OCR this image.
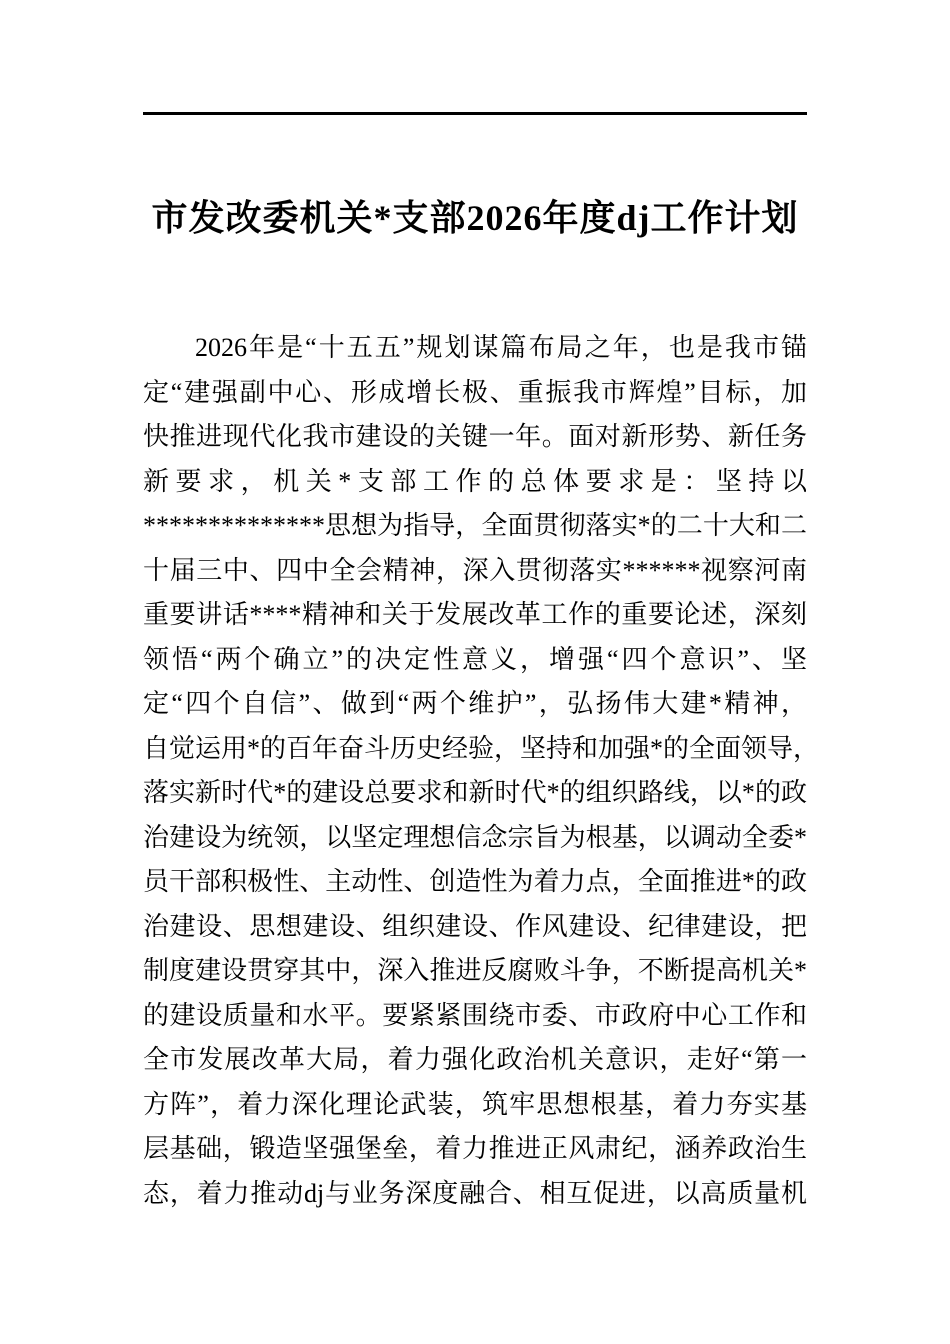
市发改委机关*支部2026年度dj工作计划
2026年是“十五五”规划谋篇布局之年，也是我市锚
定“建强副中心、形成增长极、重振我市辉煌”目标，加
快推进现代化我市建设的关键一年。面对新形势、新任务
新要求，机关*支部工作的总体要求是：坚持以
**************思想为指导，全面贯彻落实*的二十大和二
十届三中、四中全会精神，深入贯彻落实******视察河南
重要讲话****精神和关于发展改革工作的重要论述，深刻
领悟“两个确立”的决定性意义，增强“四个意识”、坚
定“四个自信”、做到“两个维护”，弘扬伟大建*精神，
自觉运用*的百年奋斗历史经验，坚持和加强*的全面领导，
落实新时代*的建设总要求和新时代*的组织路线，以*的政
治建设为统领，以坚定理想信念宗旨为根基，以调动全委*
员干部积极性、主动性、创造性为着力点，全面推进*的政
治建设、思想建设、组织建设、作风建设、纪律建设，把
制度建设贯穿其中，深入推进反腐败斗争，不断提高机关*
的建设质量和水平。要紧紧围绕市委、市政府中心工作和
全市发展改革大局，着力强化政治机关意识，走好“第一
方阵”，着力深化理论武装，筑牢思想根基，着力夯实基
层基础，锻造坚强堡垒，着力推进正风肃纪，涵养政治生
态，着力推动dj与业务深度融合、相互促进，以高质量机
